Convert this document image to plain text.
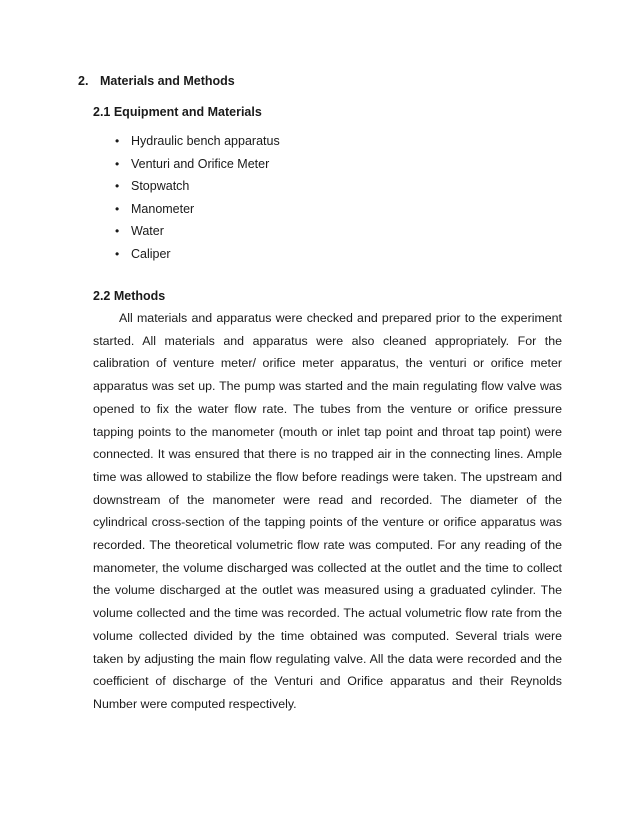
2. Materials and Methods
2.1 Equipment and Materials
• Hydraulic bench apparatus
• Venturi and Orifice Meter
• Stopwatch
• Manometer
• Water
• Caliper
2.2 Methods

All materials and apparatus were checked and prepared prior to the experiment started. All materials and apparatus were also cleaned appropriately. For the calibration of venture meter/ orifice meter apparatus, the venturi or orifice meter apparatus was set up. The pump was started and the main regulating flow valve was opened to fix the water flow rate. The tubes from the venture or orifice pressure tapping points to the manometer (mouth or inlet tap point and throat tap point) were connected. It was ensured that there is no trapped air in the connecting lines. Ample time was allowed to stabilize the flow before readings were taken. The upstream and downstream of the manometer were read and recorded. The diameter of the cylindrical cross-section of the tapping points of the venture or orifice apparatus was recorded. The theoretical volumetric flow rate was computed. For any reading of the manometer, the volume discharged was collected at the outlet and the time to collect the volume discharged at the outlet was measured using a graduated cylinder. The volume collected and the time was recorded. The actual volumetric flow rate from the volume collected divided by the time obtained was computed. Several trials were taken by adjusting the main flow regulating valve. All the data were recorded and the coefficient of discharge of the Venturi and Orifice apparatus and their Reynolds Number were computed respectively.
